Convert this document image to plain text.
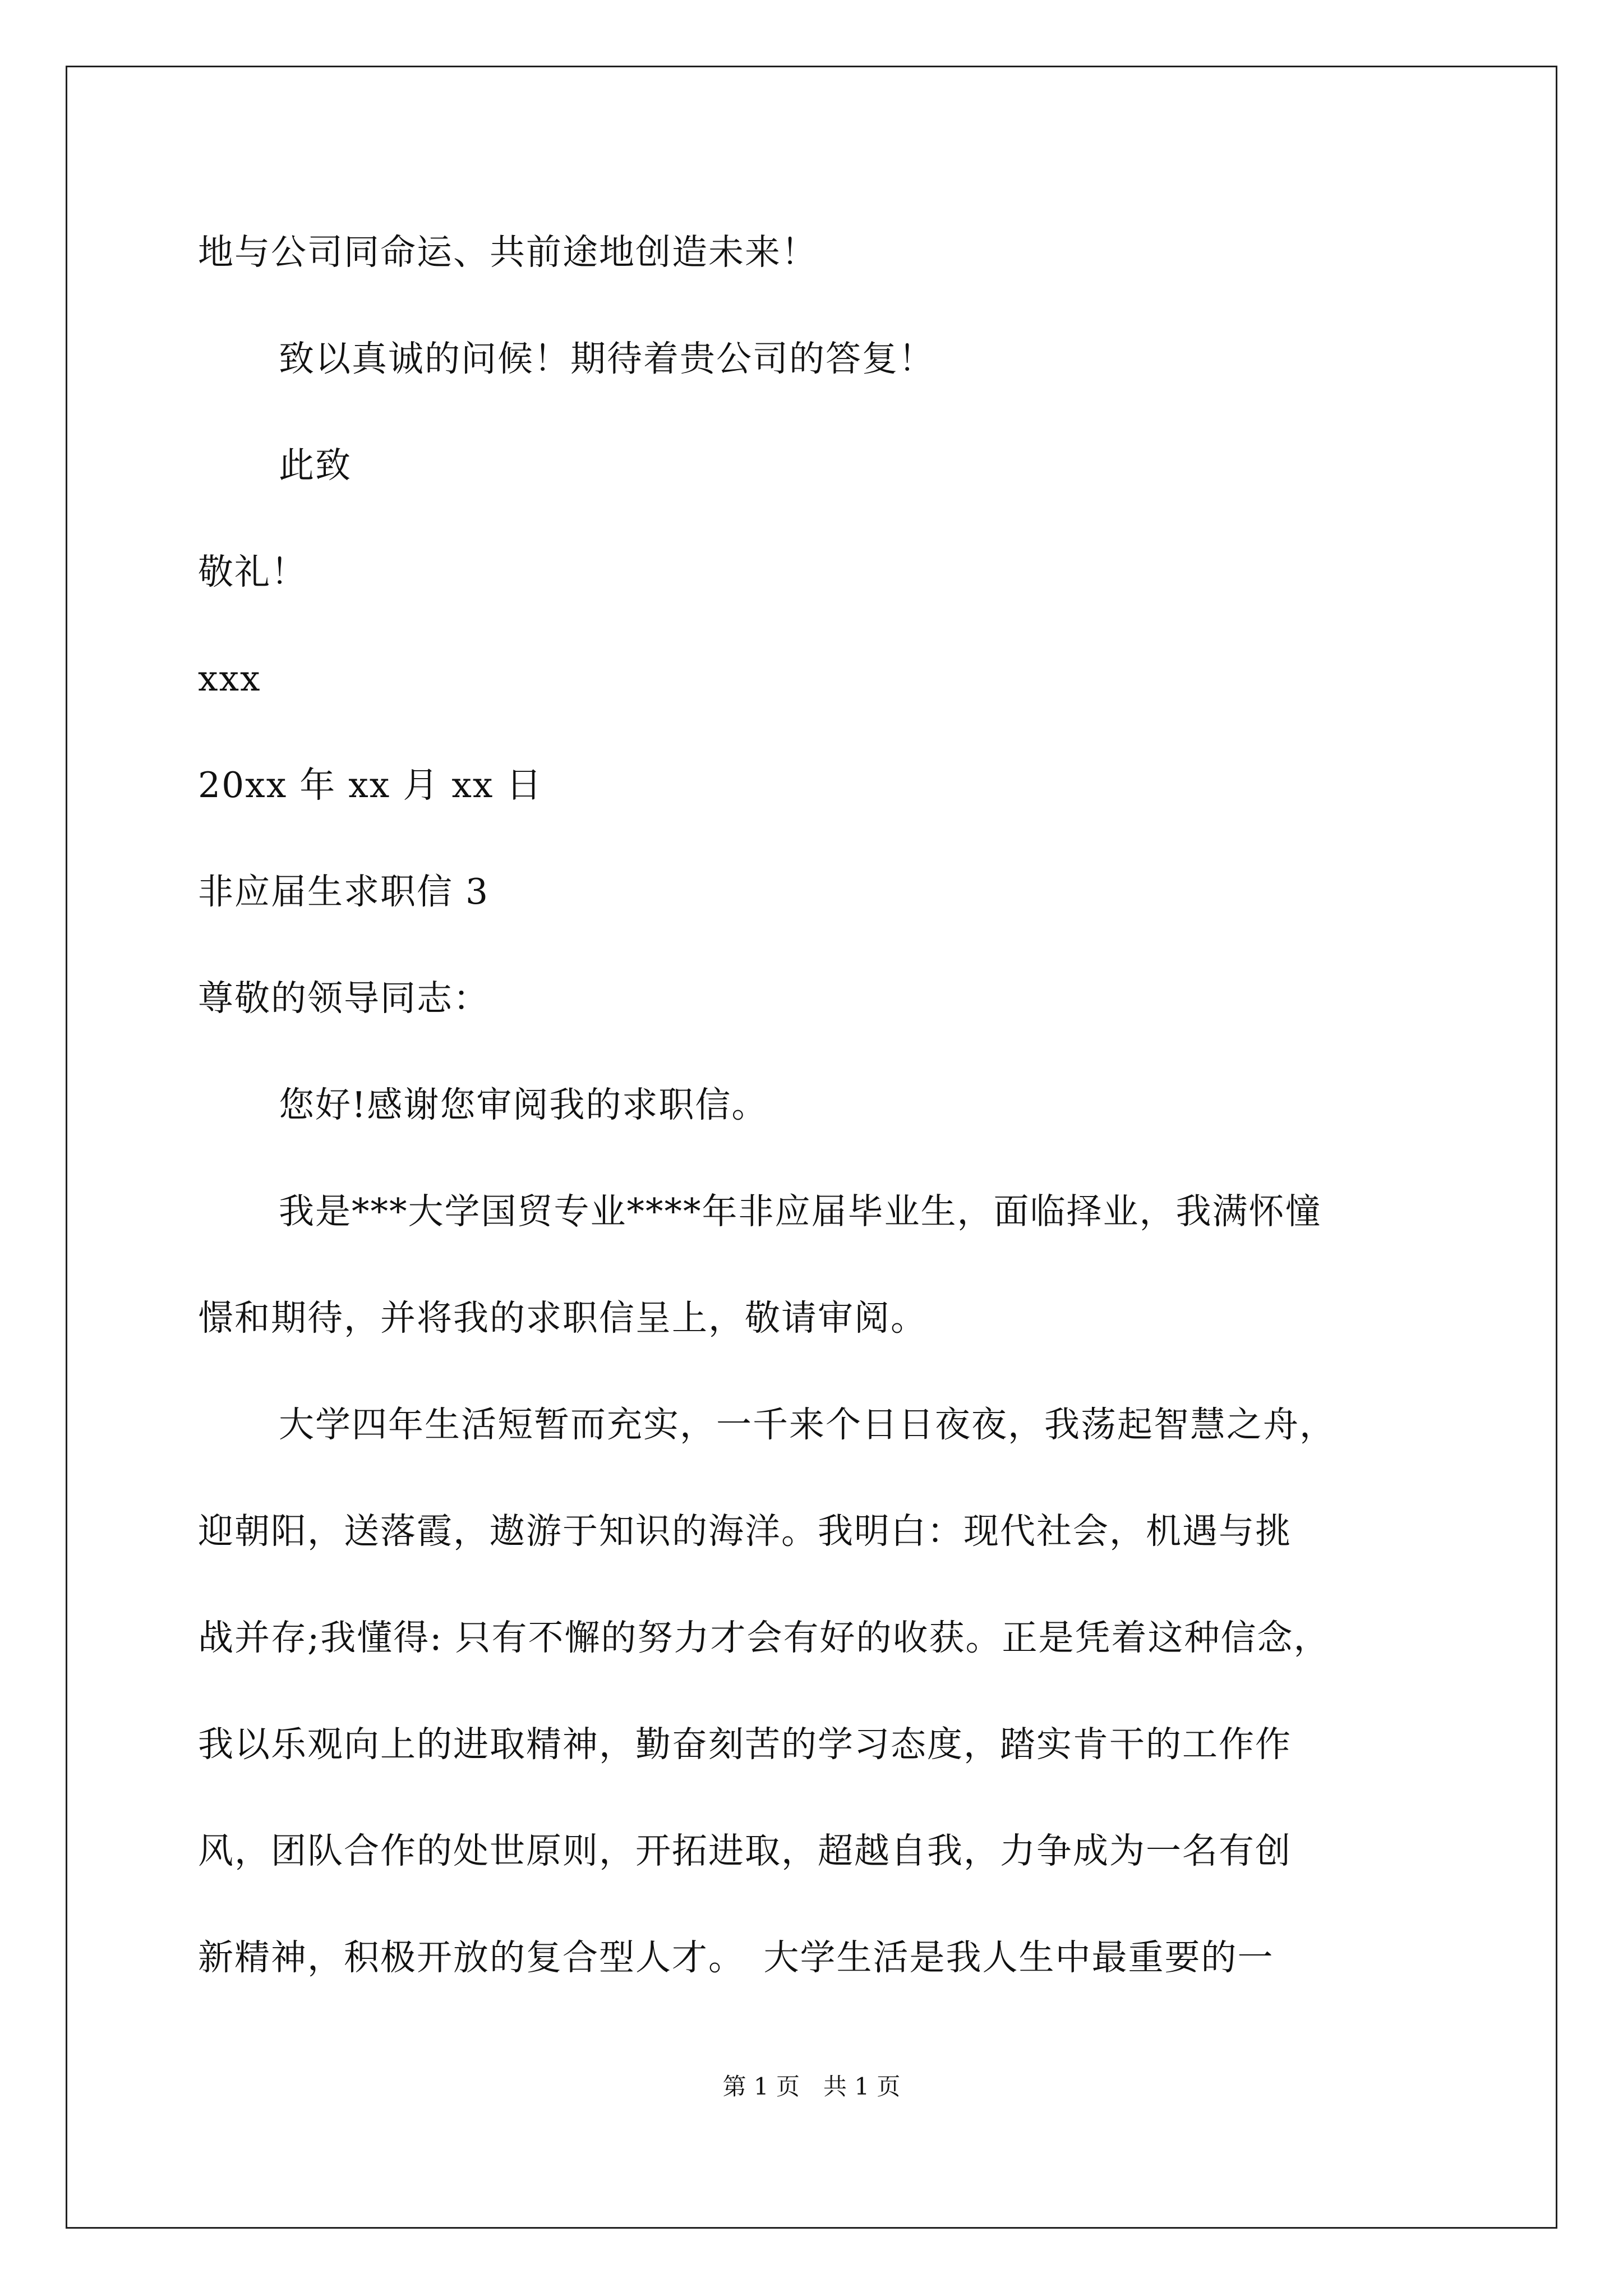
地与公司同命运、共前途地创造未来！
致以真诚的问候！期待着贵公司的答复！
此致
敬礼！
xxx
20xx 年 xx 月 xx 日
非应届生求职信 3
尊敬的领导同志：
您好!感谢您审阅我的求职信。
我是***大学国贸专业****年非应届毕业生，面临择业，我满怀憧
憬和期待，并将我的求职信呈上，敬请审阅。
大学四年生活短暂而充实，一千来个日日夜夜，我荡起智慧之舟，
迎朝阳，送落霞，遨游于知识的海洋。我明白：现代社会，机遇与挑
战并存;我懂得: 只有不懈的努力才会有好的收获。正是凭着这种信念，
我以乐观向上的进取精神，勤奋刻苦的学习态度，踏实肯干的工作作
风，团队合作的处世原则，开拓进取，超越自我，力争成为一名有创
新精神，积极开放的复合型人才。　大学生活是我人生中最重要的一
第 1 页　共 1 页
